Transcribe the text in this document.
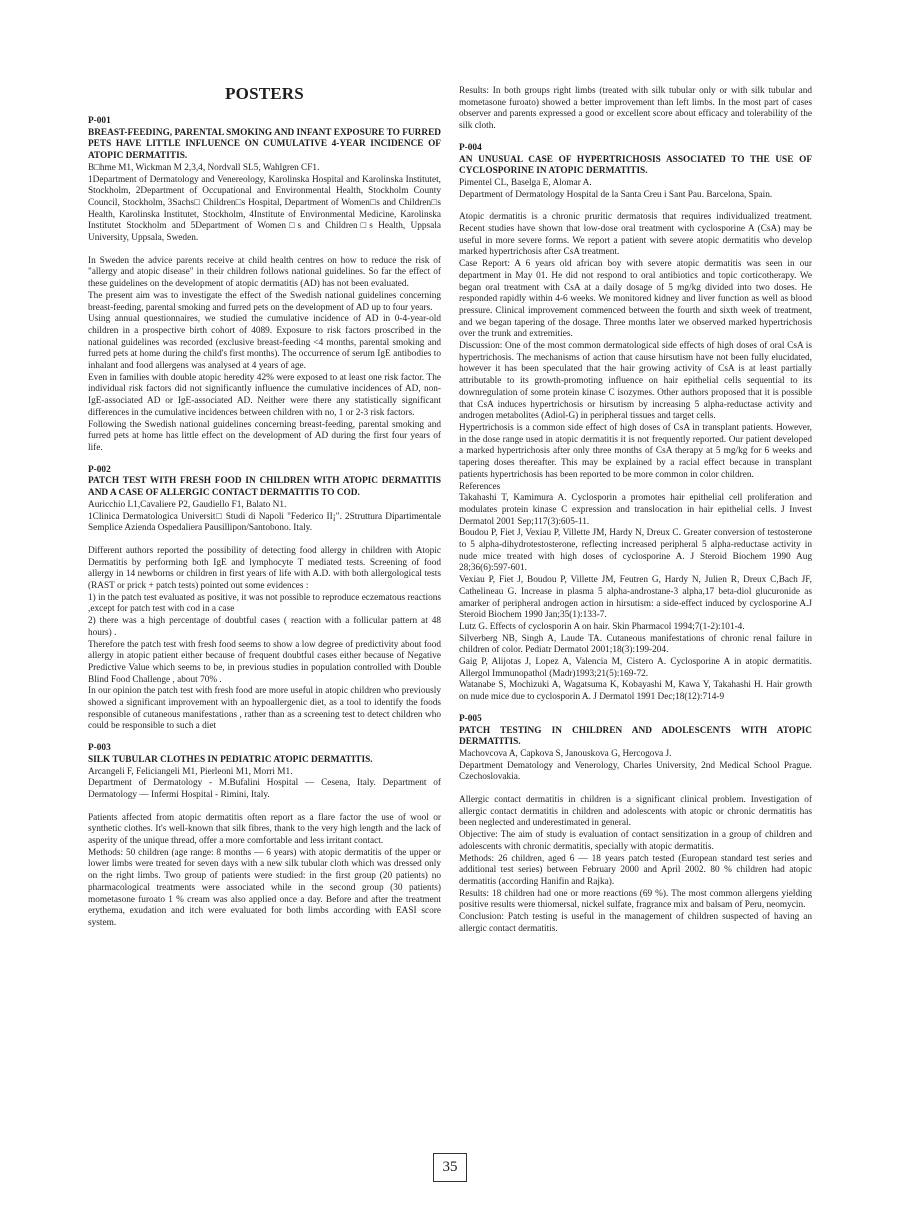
POSTERS

P-001

BREAST-FEEDING, PARENTAL SMOKING AND INFANT EXPOSURE TO FURRED PETS HAVE LITTLE INFLUENCE ON CUMULATIVE 4-YEAR INCIDENCE OF ATOPIC DERMATITIS.

B□hme M1, Wickman M 2,3,4, Nordvall SL5, Wahlgren CF1.

1Department of Dermatology and Venereology, Karolinska Hospital and Karolinska Institutet, Stockholm, 2Department of Occupational and Environmental Health, Stockholm County Council, Stockholm, 3Sachs□ Children□s Hospital, Department of Women□s and Children□s Health, Karolinska Institutet, Stockholm, 4Institute of Environmental Medicine, Karolinska Institutet Stockholm and 5Department of Women□s and Children□s Health, Uppsala University, Uppsala, Sweden.

In Sweden the advice parents receive at child health centres on how to reduce the risk of "allergy and atopic disease" in their children follows national guidelines. So far the effect of these guidelines on the development of atopic dermatitis (AD) has not been evaluated.

The present aim was to investigate the effect of the Swedish national guidelines concerning breast-feeding, parental smoking and furred pets on the development of AD up to four years.

Using annual questionnaires, we studied the cumulative incidence of AD in 0-4-year-old children in a prospective birth cohort of 4089. Exposure to risk factors proscribed in the national guidelines was recorded (exclusive breast-feeding <4 months, parental smoking and furred pets at home during the child's first months). The occurrence of serum IgE antibodies to inhalant and food allergens was analysed at 4 years of age.

Even in families with double atopic heredity 42% were exposed to at least one risk factor. The individual risk factors did not significantly influence the cumulative incidences of AD, non-IgE-associated AD or IgE-associated AD. Neither were there any statistically significant differences in the cumulative incidences between children with no, 1 or 2-3 risk factors.

Following the Swedish national guidelines concerning breast-feeding, parental smoking and furred pets at home has little effect on the development of AD during the first four years of life.

P-002

PATCH TEST WITH FRESH FOOD IN CHILDREN WITH ATOPIC DERMATITIS AND A CASE OF ALLERGIC CONTACT DERMATITIS TO COD.

Auricchio L1,Cavaliere P2, Gaudiello F1, Balato N1.

1Clinica Dermatologica Universit□ Studi di Napoli "Federico II¡". 2Struttura Dipartimentale Semplice Azienda Ospedaliera Pausillipon/Santobono. Italy.

Different authors reported the possibility of detecting food allergy in children with Atopic Dermatitis by performing both IgE and lymphocyte T mediated tests. Screening of food allergy in 14 newborns or children in first years of life with A.D. with both allergological tests (RAST or prick + patch tests) pointed out some evidences :

1) in the patch test evaluated as positive, it was not possible to reproduce eczematous reactions ,except for patch test with cod in a case

2) there was a high percentage of doubtful cases ( reaction with a follicular pattern at 48 hours) .

Therefore the patch test with fresh food seems to show a low degree of predictivity about food allergy in atopic patient either because of frequent doubtful cases either because of Negative Predictive Value which seems to be, in previous studies in population controlled with Double Blind Food Challenge , about 70% .

In our opinion the patch test with fresh food are more useful in atopic children who previously showed a significant improvement with an hypoallergenic diet, as a tool to identify the foods responsible of cutaneous manifestations , rather than as a screening test to detect children who could be responsible to such a diet

P-003

SILK TUBULAR CLOTHES IN PEDIATRIC ATOPIC DERMATITIS.

Arcangeli F, Feliciangeli M1, Pierleoni M1, Morri M1.

Department of Dermatology - M.Bufalini Hospital — Cesena, Italy. Department of Dermatology — Infermi Hospital - Rimini, Italy.

Patients affected from atopic dermatitis often report as a flare factor the use of wool or synthetic clothes. It's well-known that silk fibres, thank to the very high length and the lack of asperity of the unique thread, offer a more comfortable and less irritant contact.

Methods: 50 children (age range: 8 months — 6 years) with atopic dermatitis of the upper or lower limbs were treated for seven days with a new silk tubular cloth which was dressed only on the right limbs. Two group of patients were studied: in the first group (20 patients) no pharmacological treatments were associated while in the second group (30 patients) mometasone furoato 1 % cream was also applied once a day. Before and after the treatment erythema, exudation and itch were evaluated for both limbs according with EASI score system.

Results: In both groups right limbs (treated with silk tubular only or with silk tubular and mometasone furoato) showed a better improvement than left limbs. In the most part of cases observer and parents expressed a good or excellent score about efficacy and tolerability of the silk cloth.

P-004

AN UNUSUAL CASE OF HYPERTRICHOSIS ASSOCIATED TO THE USE OF CYCLOSPORINE IN ATOPIC DERMATITIS.

Pimentel CL, Baselga E, Alomar A.

Department of Dermatology Hospital de la Santa Creu i Sant Pau. Barcelona, Spain.

Atopic dermatitis is a chronic pruritic dermatosis that requires individualized treatment. Recent studies have shown that low-dose oral treatment with cyclosporine A (CsA) may be useful in more severe forms. We report a patient with severe atopic dermatitis who develop marked hypertrichosis after CsA treatment.

Case Report: A 6 years old african boy with severe atopic dermatitis was seen in our department in May 01. He did not respond to oral antibiotics and topic corticotherapy. We began oral treatment with CsA at a daily dosage of 5 mg/kg divided into two doses. He responded rapidly within 4-6 weeks. We monitored kidney and liver function as well as blood pressure. Clinical improvement commenced between the fourth and sixth week of treatment, and we began tapering of the dosage. Three months later we observed marked hypertrichosis over the trunk and extremities.

Discussion: One of the most common dermatological side effects of high doses of oral CsA is hypertrichosis. The mechanisms of action that cause hirsutism have not been fully elucidated, however it has been speculated that the hair growing activity of CsA is at least partially attributable to its growth-promoting influence on hair epithelial cells sequential to its downregulation of some protein kinase C isozymes. Other authors proposed that it is possible that CsA induces hypertrichosis or hirsutism by increasing 5 alpha-reductase activity and androgen metabolites (Adiol-G) in peripheral tissues and target cells.

Hypertrichosis is a common side effect of high doses of CsA in transplant patients. However, in the dose range used in atopic dermatitis it is not frequently reported. Our patient developed a marked hypertrichosis after only three months of CsA therapy at 5 mg/kg for 6 weeks and tapering doses thereafter. This may be explained by a racial effect because in transplant patients hypertrichosis has been reported to be more common in color children.

References

Takahashi T, Kamimura A. Cyclosporin a promotes hair epithelial cell proliferation and modulates protein kinase C expression and translocation in hair epithelial cells. J Invest Dermatol 2001 Sep;117(3):605-11.

Boudou P, Fiet J, Vexiau P, Villette JM, Hardy N, Dreux C. Greater conversion of testosterone to 5 alpha-dihydrotestosterone, reflecting increased peripheral 5 alpha-reductase activity in nude mice treated with high doses of cyclosporine A. J Steroid Biochem 1990 Aug 28;36(6):597-601.

Vexiau P, Fiet J, Boudou P, Villette JM, Feutren G, Hardy N, Julien R, Dreux C,Bach JF, Cathelineau G. Increase in plasma 5 alpha-androstane-3 alpha,17 beta-diol glucuronide as amarker of peripheral androgen action in hirsutism: a side-effect induced by cyclosporine A.J Steroid Biochem 1990 Jan;35(1):133-7.

Lutz G. Effects of cyclosporin A on hair. Skin Pharmacol 1994;7(1-2):101-4.

Silverberg NB, Singh A, Laude TA. Cutaneous manifestations of chronic renal failure in children of color. Pediatr Dermatol 2001;18(3):199-204.

Gaig P, Alijotas J, Lopez A, Valencia M, Cistero A. Cyclosporine A in atopic dermatitis. Allergol Immunopathol (Madr)1993;21(5):169-72.

Watanabe S, Mochizuki A, Wagatsuma K, Kobayashi M, Kawa Y, Takahashi H. Hair growth on nude mice due to cyclosporin A. J Dermatol 1991 Dec;18(12):714-9

P-005

PATCH TESTING IN CHILDREN AND ADOLESCENTS WITH ATOPIC DERMATITIS.

Machovcova A, Capkova S, Janouskova G, Hercogova J.

Department Dematology and Venerology, Charles University, 2nd Medical School Prague. Czechoslovakia.

Allergic contact dermatitis in children is a significant clinical problem. Investigation of allergic contact dermatitis in children and adolescents with atopic or chronic dermatitis has been neglected and underestimated in general.

Objective: The aim of study is evaluation of contact sensitization in a group of children and adolescents with chronic dermatitis, specially with atopic dermatitis.

Methods: 26 children, aged 6 — 18 years patch tested (European standard test series and additional test series) between February 2000 and April 2002. 80 % children had atopic dermatitis (according Hanifin and Rajka).

Results: 18 children had one or more reactions (69 %). The most common allergens yielding positive results were thiomersal, nickel sulfate, fragrance mix and balsam of Peru, neomycin.

Conclusion: Patch testing is useful in the management of children suspected of having an allergic contact dermatitis.

35
